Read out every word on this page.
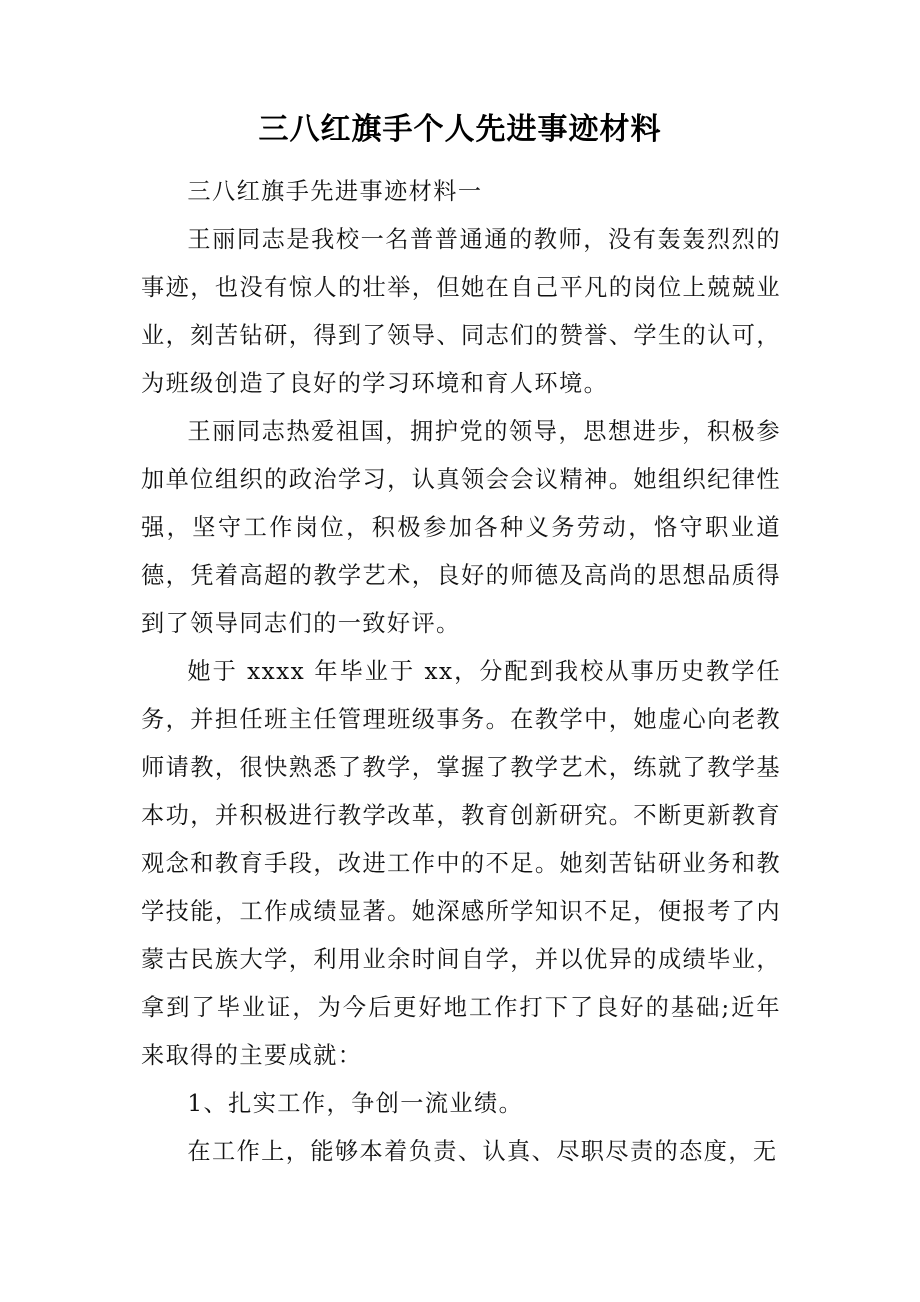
三八红旗手个人先进事迹材料

三八红旗手先进事迹材料一

王丽同志是我校一名普普通通的教师，没有轰轰烈烈的事迹，也没有惊人的壮举，但她在自己平凡的岗位上兢兢业业，刻苦钻研，得到了领导、同志们的赞誉、学生的认可，为班级创造了良好的学习环境和育人环境。

王丽同志热爱祖国，拥护党的领导，思想进步，积极参加单位组织的政治学习，认真领会会议精神。她组织纪律性强，坚守工作岗位，积极参加各种义务劳动，恪守职业道德，凭着高超的教学艺术，良好的师德及高尚的思想品质得到了领导同志们的一致好评。

她于 xxxx 年毕业于 xx，分配到我校从事历史教学任务，并担任班主任管理班级事务。在教学中，她虚心向老教师请教，很快熟悉了教学，掌握了教学艺术，练就了教学基本功，并积极进行教学改革，教育创新研究。不断更新教育观念和教育手段，改进工作中的不足。她刻苦钻研业务和教学技能，工作成绩显著。她深感所学知识不足，便报考了内蒙古民族大学，利用业余时间自学，并以优异的成绩毕业，拿到了毕业证，为今后更好地工作打下了良好的基础;近年来取得的主要成就：

1、扎实工作，争创一流业绩。

在工作上，能够本着负责、认真、尽职尽责的态度，无
